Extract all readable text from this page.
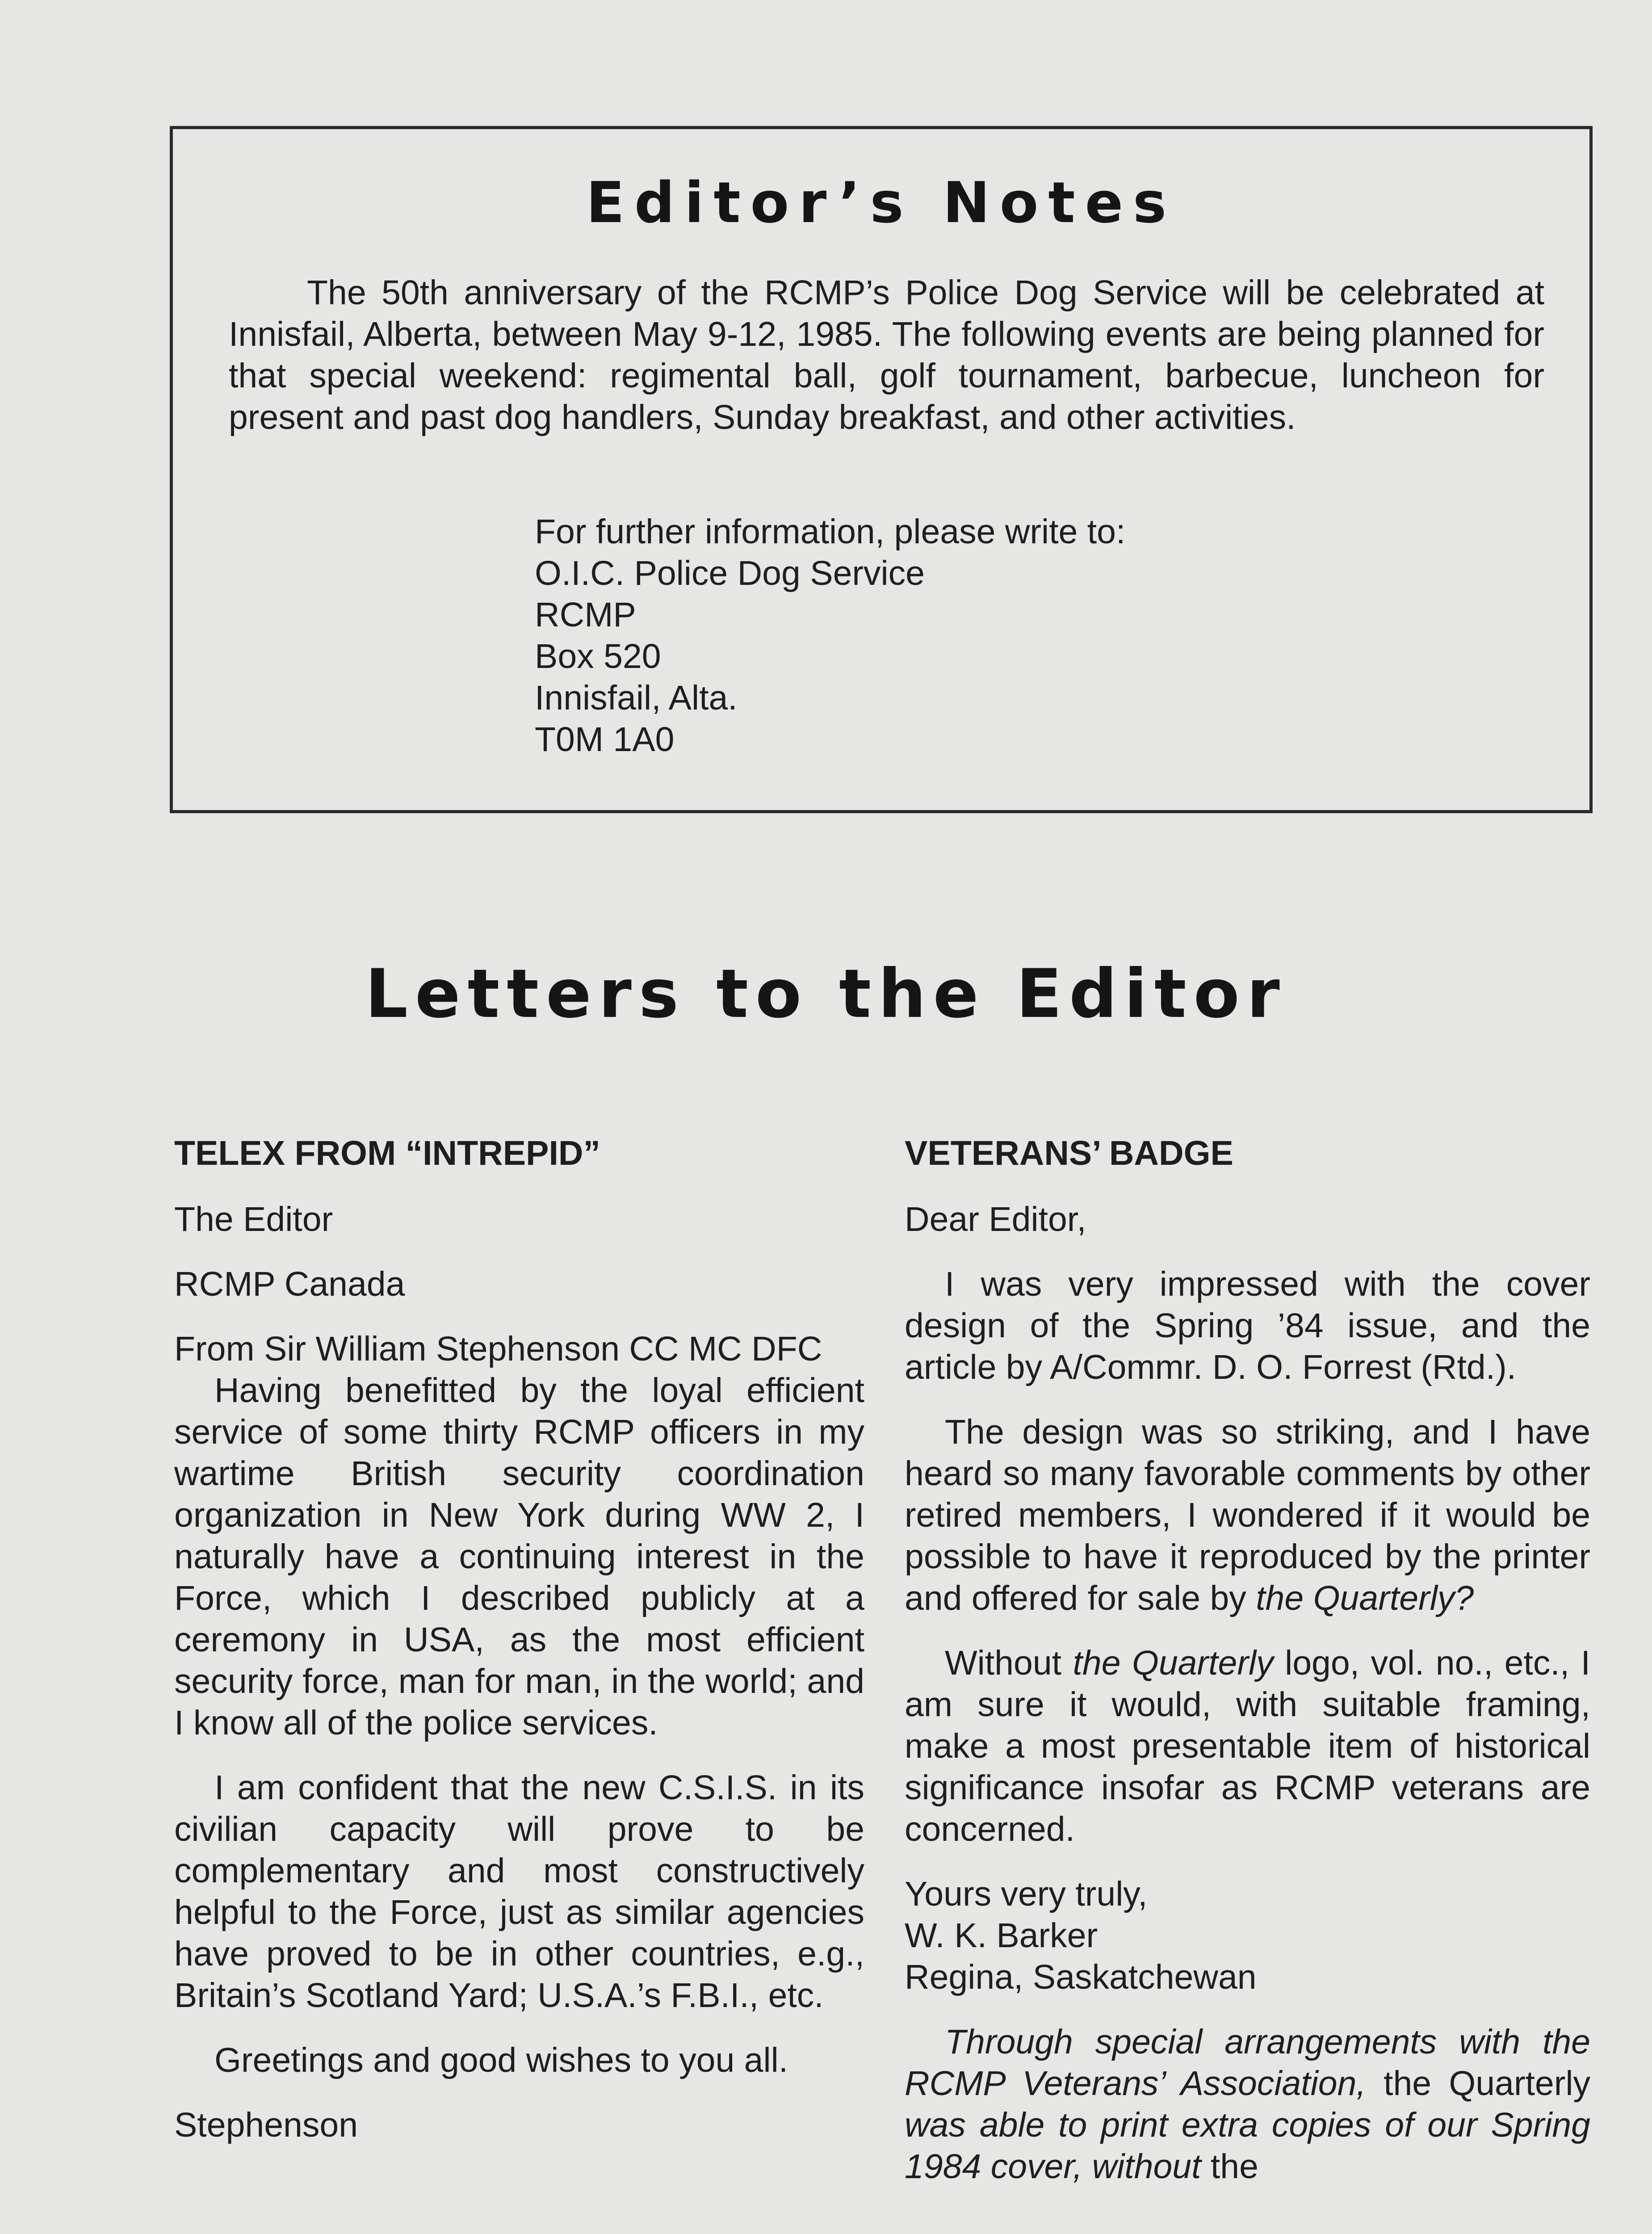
Editor’s Notes

The 50th anniversary of the RCMP’s Police Dog Service will be celebrated at Innisfail, Alberta, between May 9-12, 1985. The following events are being planned for that special weekend: regimental ball, golf tournament, barbecue, luncheon for present and past dog handlers, Sunday breakfast, and other activities.

For further information, please write to:
O.I.C. Police Dog Service
RCMP
Box 520
Innisfail, Alta.
T0M 1A0
Letters to the Editor
TELEX FROM “INTREPID”

The Editor

RCMP Canada

From Sir William Stephenson CC MC DFC

Having benefitted by the loyal efficient service of some thirty RCMP officers in my wartime British security coordination organization in New York during WW 2, I naturally have a continuing interest in the Force, which I described publicly at a ceremony in USA, as the most efficient security force, man for man, in the world; and I know all of the police services.

I am confident that the new C.S.I.S. in its civilian capacity will prove to be complementary and most constructively helpful to the Force, just as similar agencies have proved to be in other countries, e.g., Britain’s Scotland Yard; U.S.A.’s F.B.I., etc.

Greetings and good wishes to you all.

Stephenson

VETERANS’ BADGE

Dear Editor,

I was very impressed with the cover design of the Spring ’84 issue, and the article by A/Commr. D. O. Forrest (Rtd.).

The design was so striking, and I have heard so many favorable comments by other retired members, I wondered if it would be possible to have it reproduced by the printer and offered for sale by the Quarterly?

Without the Quarterly logo, vol. no., etc., I am sure it would, with suitable framing, make a most presentable item of historical significance insofar as RCMP veterans are concerned.

Yours very truly,

W. K. Barker

Regina, Saskatchewan

Through special arrangements with the RCMP Veterans’ Association, the Quarterly was able to print extra copies of our Spring 1984 cover, without the
